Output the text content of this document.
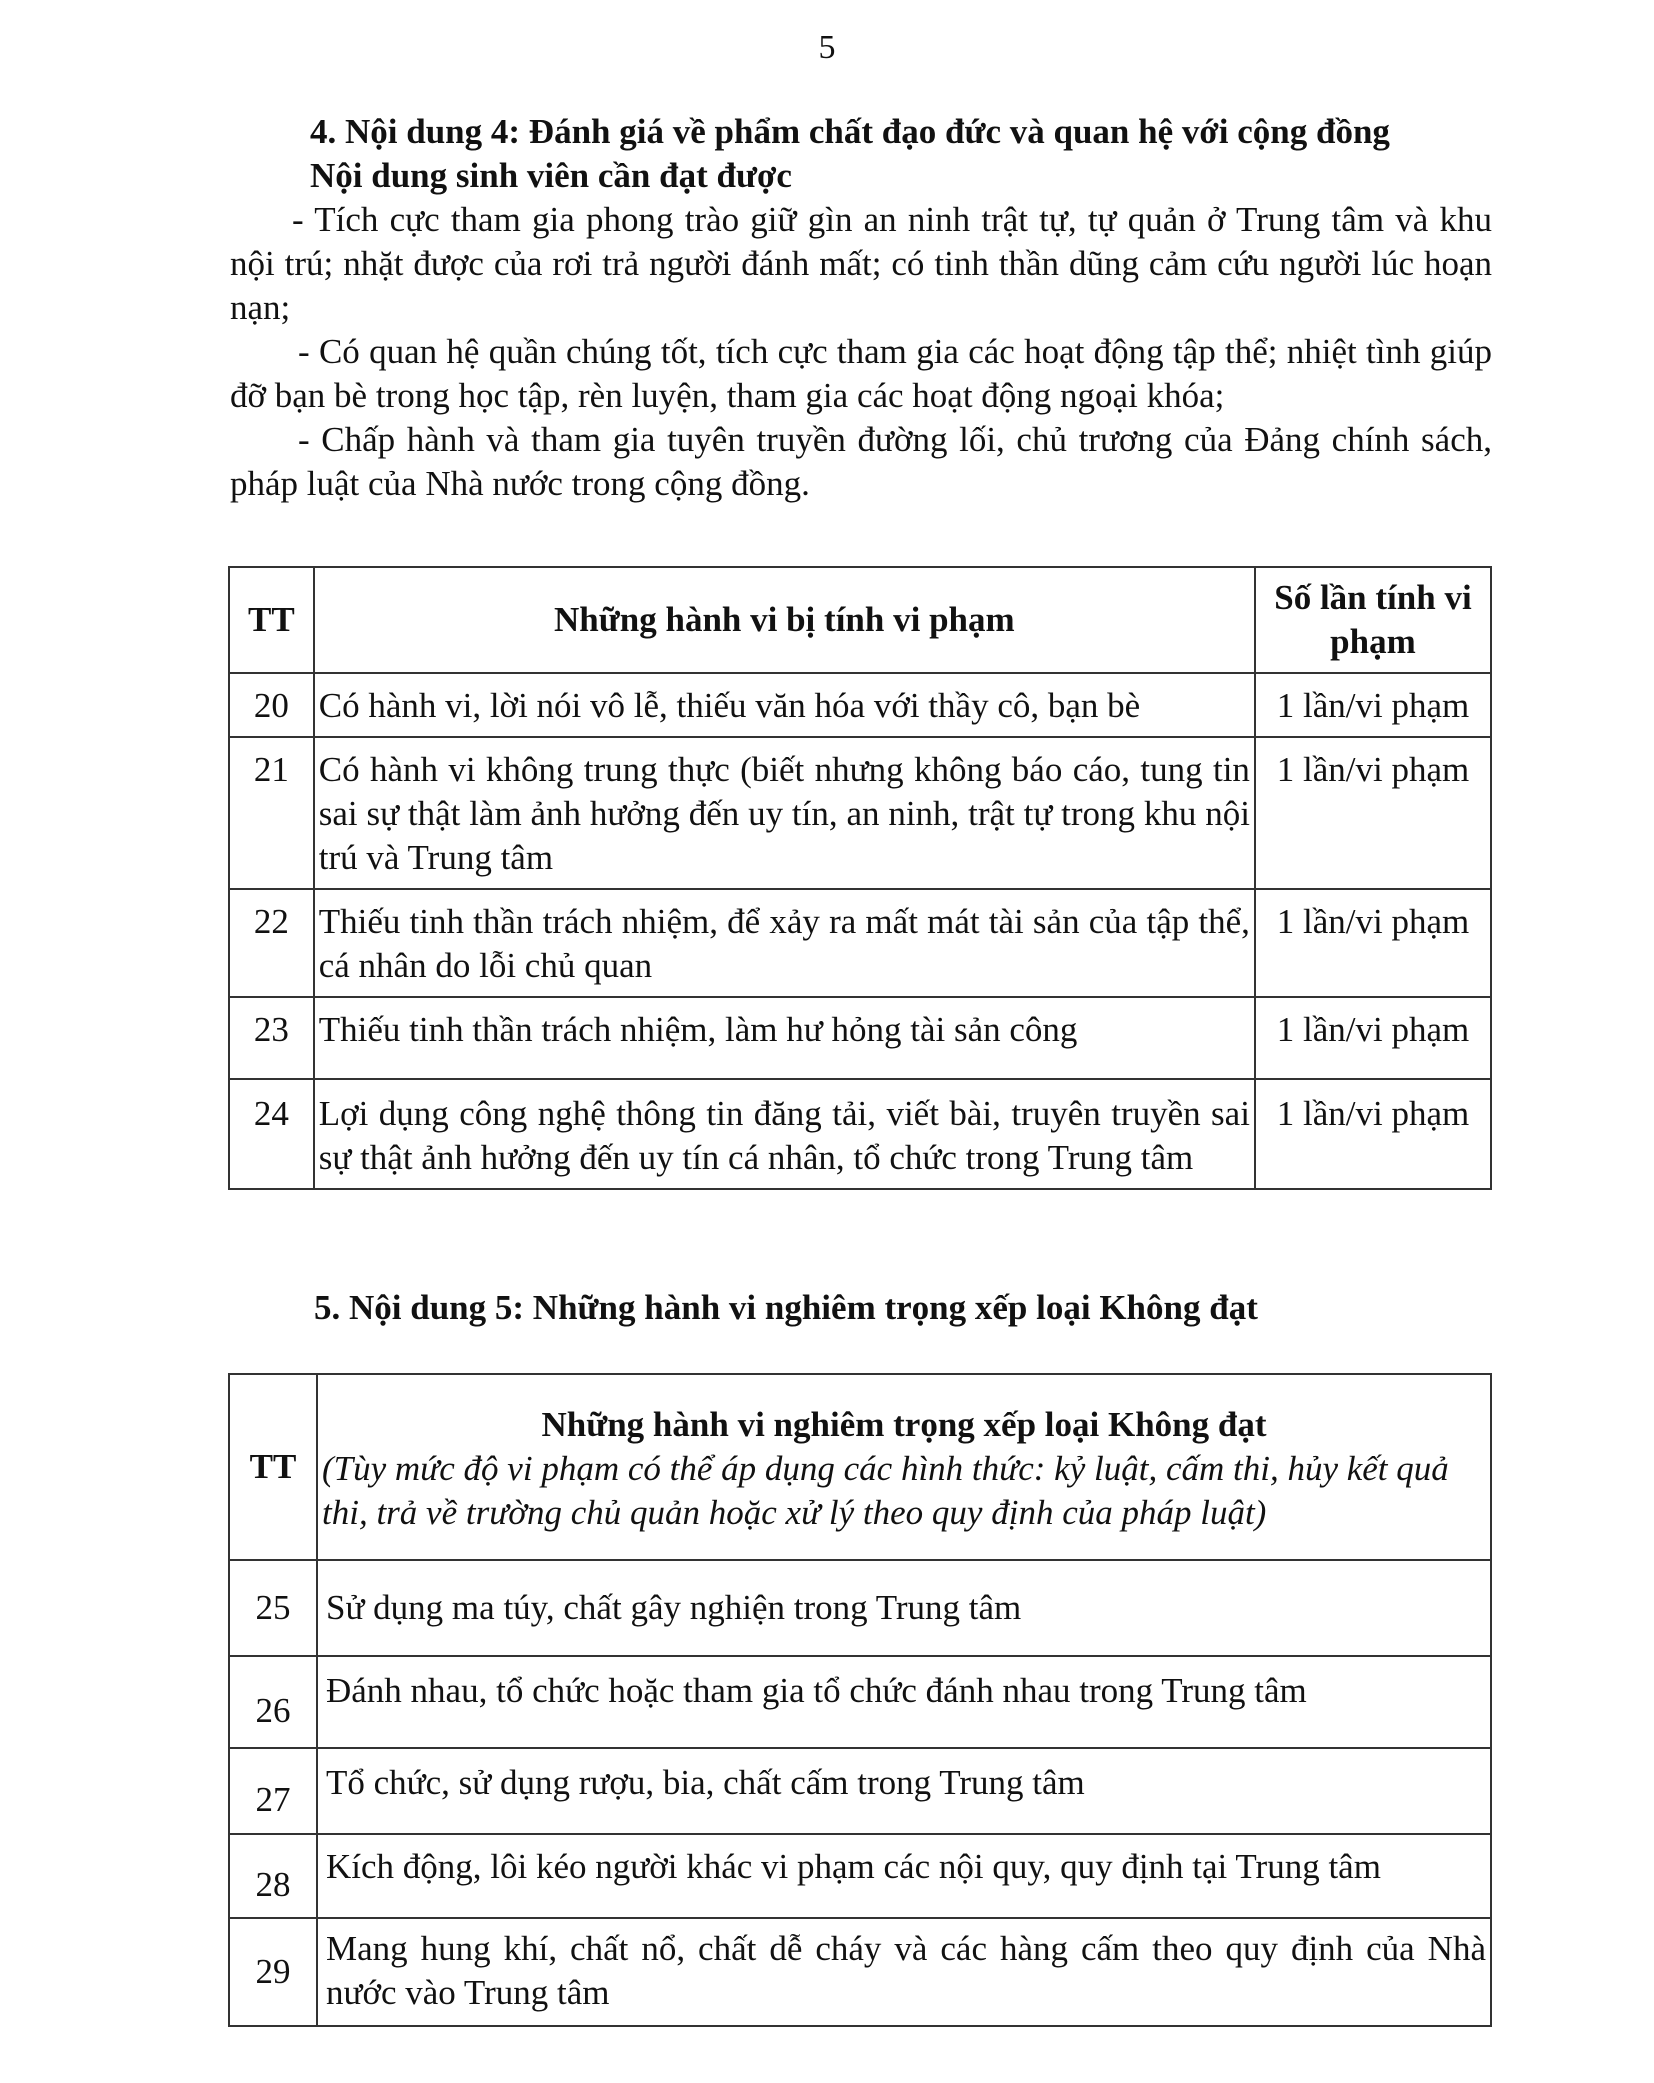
5

4. Nội dung 4: Đánh giá về phẩm chất đạo đức và quan hệ với cộng đồng

Nội dung sinh viên cần đạt được

- Tích cực tham gia phong trào giữ gìn an ninh trật tự, tự quản ở Trung tâm và khu nội trú; nhặt được của rơi trả người đánh mất; có tinh thần dũng cảm cứu người lúc hoạn nạn;

- Có quan hệ quần chúng tốt, tích cực tham gia các hoạt động tập thể; nhiệt tình giúp đỡ bạn bè trong học tập, rèn luyện, tham gia các hoạt động ngoại khóa;

- Chấp hành và tham gia tuyên truyền đường lối, chủ trương của Đảng chính sách, pháp luật của Nhà nước trong cộng đồng.

TT	Những hành vi bị tính vi phạm	Số lần tính vi phạm
20	Có hành vi, lời nói vô lễ, thiếu văn hóa với thầy cô, bạn bè	1 lần/vi phạm
21	Có hành vi không trung thực (biết nhưng không báo cáo, tung tin sai sự thật làm ảnh hưởng đến uy tín, an ninh, trật tự trong khu nội trú và Trung tâm	1 lần/vi phạm
22	Thiếu tinh thần trách nhiệm, để xảy ra mất mát tài sản của tập thể, cá nhân do lỗi chủ quan	1 lần/vi phạm
23	Thiếu tinh thần trách nhiệm, làm hư hỏng tài sản công	1 lần/vi phạm
24	Lợi dụng công nghệ thông tin đăng tải, viết bài, truyên truyền sai sự thật ảnh hưởng đến uy tín cá nhân, tổ chức trong Trung tâm	1 lần/vi phạm

5. Nội dung 5: Những hành vi nghiêm trọng xếp loại Không đạt

TT	Những hành vi nghiêm trọng xếp loại Không đạt
(Tùy mức độ vi phạm có thể áp dụng các hình thức: kỷ luật, cấm thi, hủy kết quả thi, trả về trường chủ quản hoặc xử lý theo quy định của pháp luật)

25	Sử dụng ma túy, chất gây nghiện trong Trung tâm
26	Đánh nhau, tổ chức hoặc tham gia tổ chức đánh nhau trong Trung tâm
27	Tổ chức, sử dụng rượu, bia, chất cấm trong Trung tâm
28	Kích động, lôi kéo người khác vi phạm các nội quy, quy định tại Trung tâm
29	Mang hung khí, chất nổ, chất dễ cháy và các hàng cấm theo quy định của Nhà nước vào Trung tâm
